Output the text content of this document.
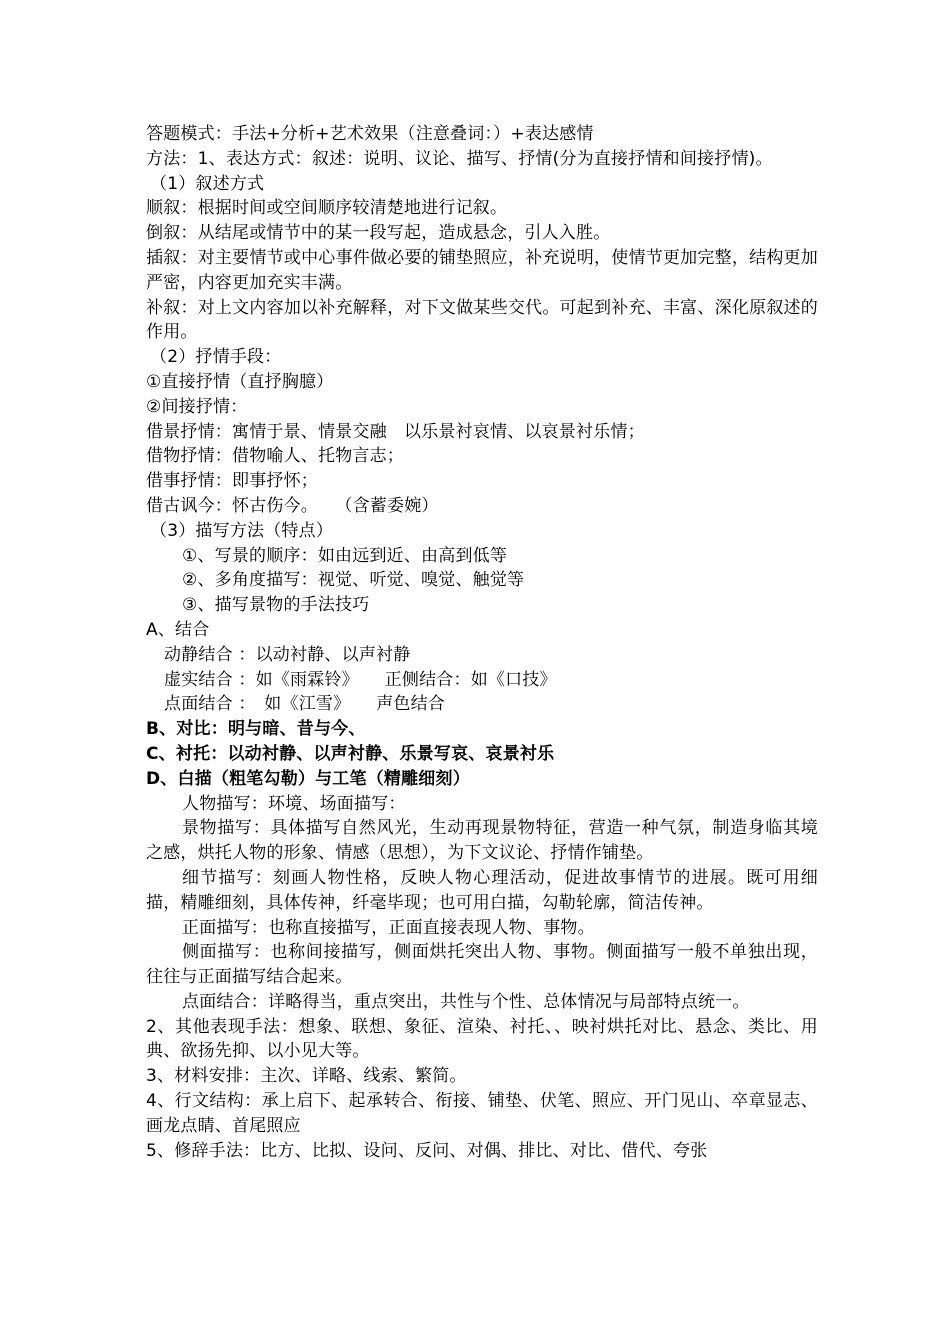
答题模式：手法+分析+艺术效果（注意叠词：）+表达感情
方法：1、表达方式：叙述：说明、议论、描写、抒情(分为直接抒情和间接抒情)。
（1）叙述方式
顺叙：根据时间或空间顺序较清楚地进行记叙。
倒叙：从结尾或情节中的某一段写起，造成悬念，引人入胜。
插叙：对主要情节或中心事件做必要的铺垫照应，补充说明，使情节更加完整，结构更加严密，内容更加充实丰满。
补叙：对上文内容加以补充解释，对下文做某些交代。可起到补充、丰富、深化原叙述的作用。
（2）抒情手段：
①直接抒情（直抒胸臆）
②间接抒情：
借景抒情：寓情于景、情景交融　以乐景衬哀情、以哀景衬乐情；
借物抒情：借物喻人、托物言志；
借事抒情：即事抒怀；
借古讽今：怀古伤今。　　（含蓄委婉）
（3）描写方法（特点）
①、写景的顺序：如由远到近、由高到低等
②、多角度描写：视觉、听觉、嗅觉、触觉等
③、描写景物的手法技巧
A、结合
动静结合 ：以动衬静、以声衬静
虚实结合 ：如《雨霖铃》　　正侧结合：如《口技》
点面结合 ：　如《江雪》　　声色结合
B、对比：明与暗、昔与今、
C、衬托：以动衬静、以声衬静、乐景写哀、哀景衬乐
D、白描（粗笔勾勒）与工笔（精雕细刻）
人物描写：环境、场面描写：
景物描写：具体描写自然风光，生动再现景物特征，营造一种气氛，制造身临其境之感，烘托人物的形象、情感（思想），为下文议论、抒情作铺垫。
细节描写：刻画人物性格，反映人物心理活动，促进故事情节的进展。既可用细描，精雕细刻，具体传神，纤毫毕现；也可用白描，勾勒轮廓，简洁传神。
正面描写：也称直接描写，正面直接表现人物、事物。
侧面描写：也称间接描写，侧面烘托突出人物、事物。侧面描写一般不单独出现，往往与正面描写结合起来。
点面结合：详略得当，重点突出，共性与个性、总体情况与局部特点统一。
2、其他表现手法：想象、联想、象征、渲染、衬托、、映衬烘托对比、悬念、类比、用典、欲扬先抑、以小见大等。
3、材料安排：主次、详略、线索、繁简。
4、行文结构：承上启下、起承转合、衔接、铺垫、伏笔、照应、开门见山、卒章显志、画龙点睛、首尾照应
5、修辞手法：比方、比拟、设问、反问、对偶、排比、对比、借代、夸张
